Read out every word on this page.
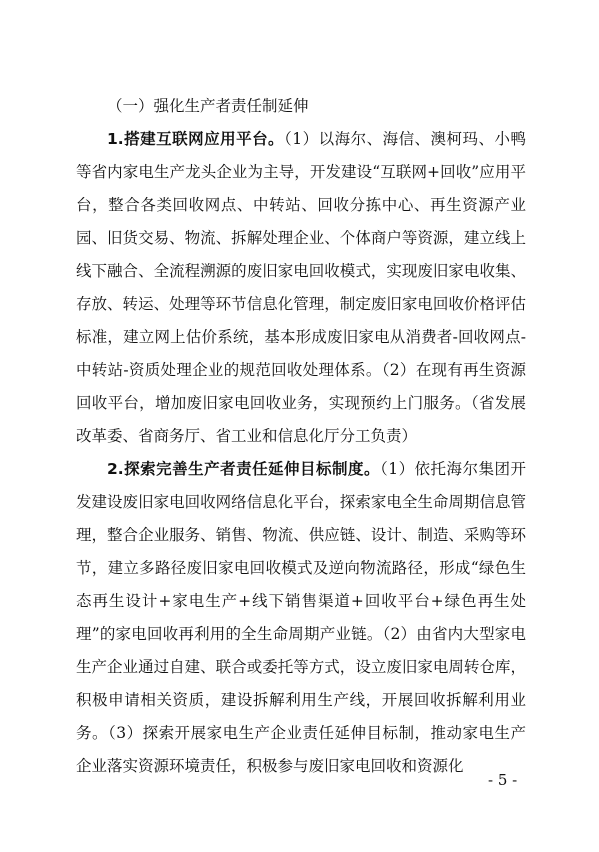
（一）强化生产者责任制延伸

1.搭建互联网应用平台。（1）以海尔、海信、澳柯玛、小鸭等省内家电生产龙头企业为主导，开发建设“互联网+回收”应用平台，整合各类回收网点、中转站、回收分拣中心、再生资源产业园、旧货交易、物流、拆解处理企业、个体商户等资源，建立线上线下融合、全流程溯源的废旧家电回收模式，实现废旧家电收集、存放、转运、处理等环节信息化管理，制定废旧家电回收价格评估标准，建立网上估价系统，基本形成废旧家电从消费者-回收网点-中转站-资质处理企业的规范回收处理体系。（2）在现有再生资源回收平台，增加废旧家电回收业务，实现预约上门服务。（省发展改革委、省商务厅、省工业和信息化厅分工负责）

2.探索完善生产者责任延伸目标制度。（1）依托海尔集团开发建设废旧家电回收网络信息化平台，探索家电全生命周期信息管理，整合企业服务、销售、物流、供应链、设计、制造、采购等环节，建立多路径废旧家电回收模式及逆向物流路径，形成“绿色生态再生设计+家电生产+线下销售渠道+回收平台+绿色再生处理”的家电回收再利用的全生命周期产业链。（2）由省内大型家电生产企业通过自建、联合或委托等方式，设立废旧家电周转仓库，积极申请相关资质，建设拆解利用生产线，开展回收拆解利用业务。（3）探索开展家电生产企业责任延伸目标制，推动家电生产企业落实资源环境责任，积极参与废旧家电回收和资源化

- 5 -
